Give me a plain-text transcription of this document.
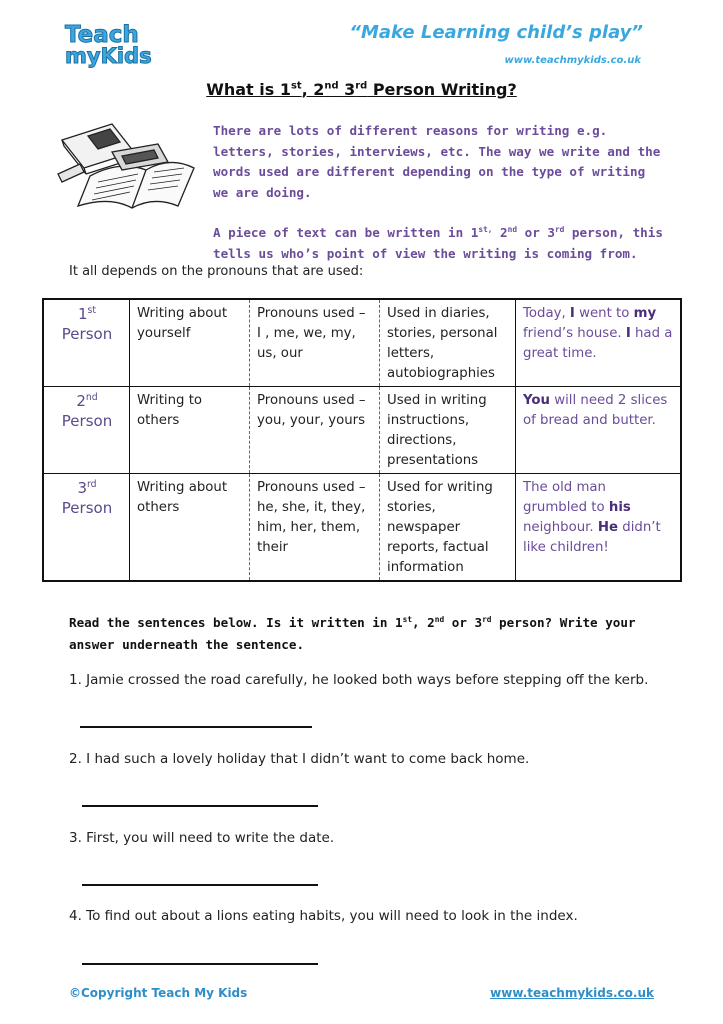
Teach
myKids
“Make Learning child’s play”
www.teachmykids.co.uk
What is 1st, 2nd 3rd Person Writing?

There are lots of different reasons for writing e.g. letters, stories, interviews, etc. The way we write and the words used are different depending on the type of writing we are doing.

A piece of text can be written in $1^{st,}$ 2nd or 3rd person, this tells us who’s point of view the writing is coming from.

It all depends on the pronouns that are used:
1st
Person	Writing about yourself	Pronouns used – I , me, we, my, us, our	Used in diaries, stories, personal letters, autobiographies	Today, I went to my friend’s house. I had a great time.
2nd
Person	Writing to others	Pronouns used – you, your, yours	Used in writing instructions, directions, presentations	You will need 2 slices of bread and butter.
3rd
Person	Writing about others	Pronouns used – he, she, it, they, him, her, them, their	Used for writing stories, newspaper reports, factual information	The old man grumbled to his neighbour. He didn’t like children!
Read the sentences below. Is it written in 1st, 2nd or 3rd person? Write your answer underneath the sentence.
1. Jamie crossed the road carefully, he looked both ways before stepping off the kerb.
2. I had such a lovely holiday that I didn’t want to come back home.
3. First, you will need to write the date.
4. To find out about a lions eating habits, you will need to look in the index.
©Copyright Teach My Kids	www.teachmykids.co.uk
